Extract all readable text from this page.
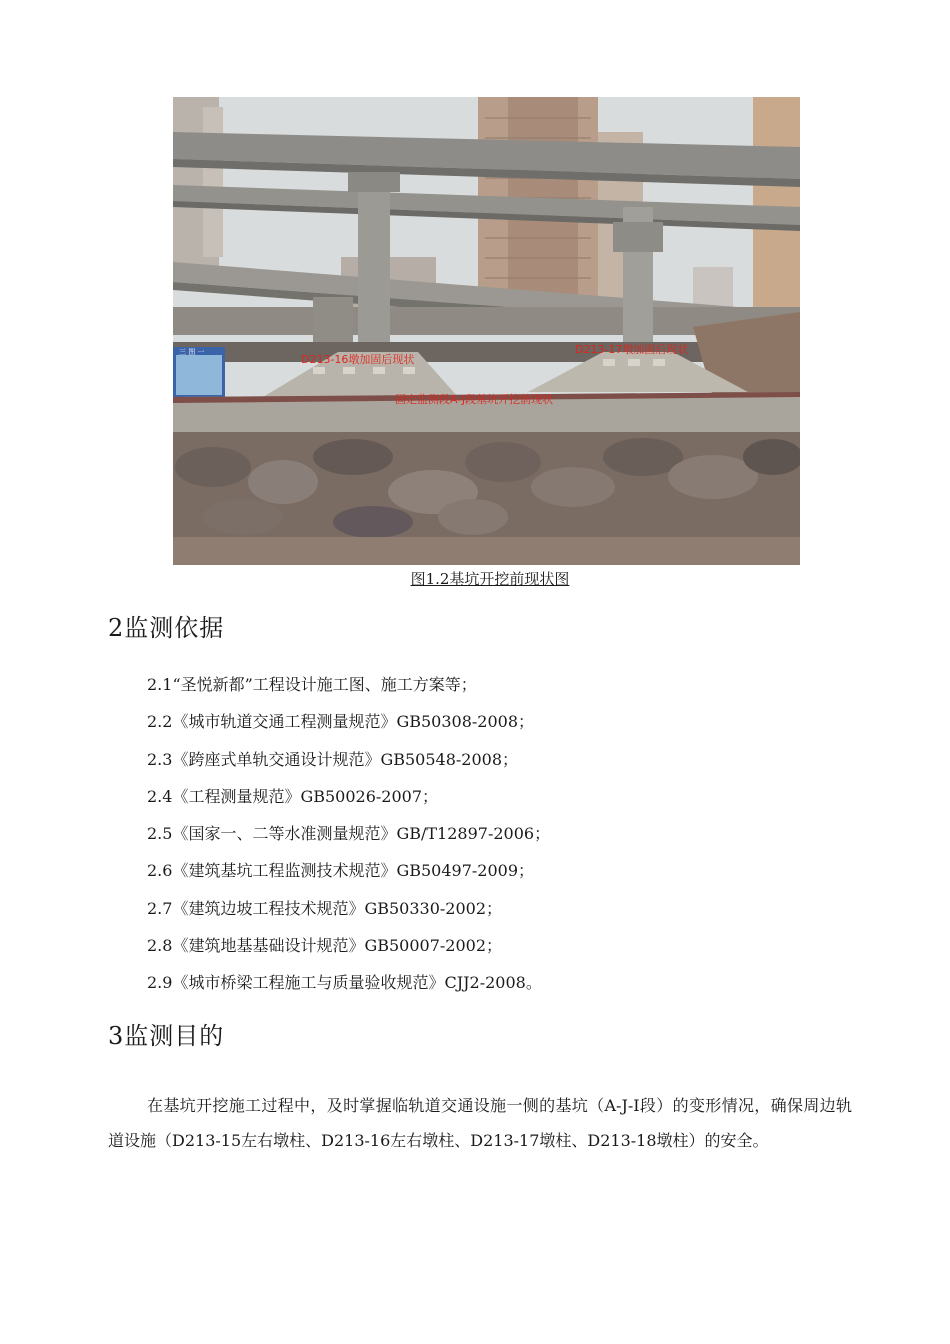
三 图 一
D213-16墩加固后现状
D213-17墩加固后现状
固定监测段A-J段基坑开挖前现状
图1.2基坑开挖前现状图
2监测依据
2.1“圣悦新都”工程设计施工图、施工方案等；
2.2《城市轨道交通工程测量规范》GB50308-2008；
2.3《跨座式单轨交通设计规范》GB50548-2008；
2.4《工程测量规范》GB50026-2007；
2.5《国家一、二等水准测量规范》GB/T12897-2006；
2.6《建筑基坑工程监测技术规范》GB50497-2009；
2.7《建筑边坡工程技术规范》GB50330-2002；
2.8《建筑地基基础设计规范》GB50007-2002；
2.9《城市桥梁工程施工与质量验收规范》CJJ2-2008。
3监测目的

在基坑开挖施工过程中，及时掌握临轨道交通设施一侧的基坑（A-J-I段）的变形情况，确保周边轨道设施（D213-15左右墩柱、D213-16左右墩柱、D213-17墩柱、D213-18墩柱）的安全。
